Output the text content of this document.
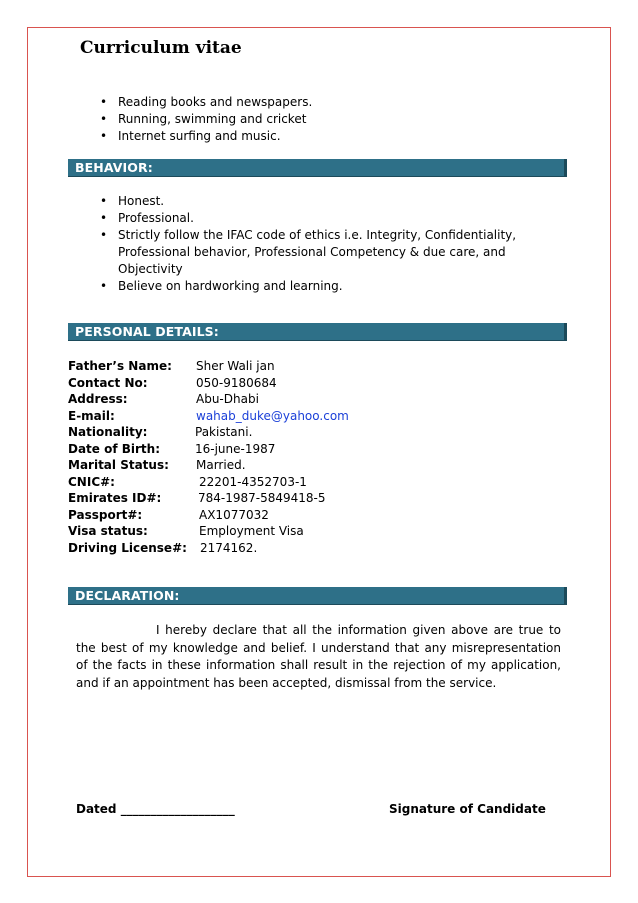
Curriculum vitae
• Reading books and newspapers.
• Running, swimming and cricket
• Internet surfing and music.
BEHAVIOR:
• Honest.
• Professional.
• Strictly follow the IFAC code of ethics i.e. Integrity, Confidentiality,
Professional behavior, Professional Competency & due care, and
Objectivity
• Believe on hardworking and learning.
PERSONAL DETAILS:
Father’s Name: Sher Wali jan
Contact No:	050-9180684
Address:	Abu-Dhabi
E-mail:	wahab_duke@yahoo.com
Nationality:	Pakistani.
Date of Birth:	16-june-1987
Marital Status: Married.
CNIC#:	22201-4352703-1
Emirates ID#:	784-1987-5849418-5
Passport#:	AX1077032
Visa status:	Employment Visa
Driving License#: 2174162.
DECLARATION:
I hereby declare that all the information given above are true to the best of my knowledge and belief. I understand that any misrepresentation of the facts in these information shall result in the rejection of my application, and if an appointment has been accepted, dismissal from the service.
Dated ___________________	Signature of Candidate
